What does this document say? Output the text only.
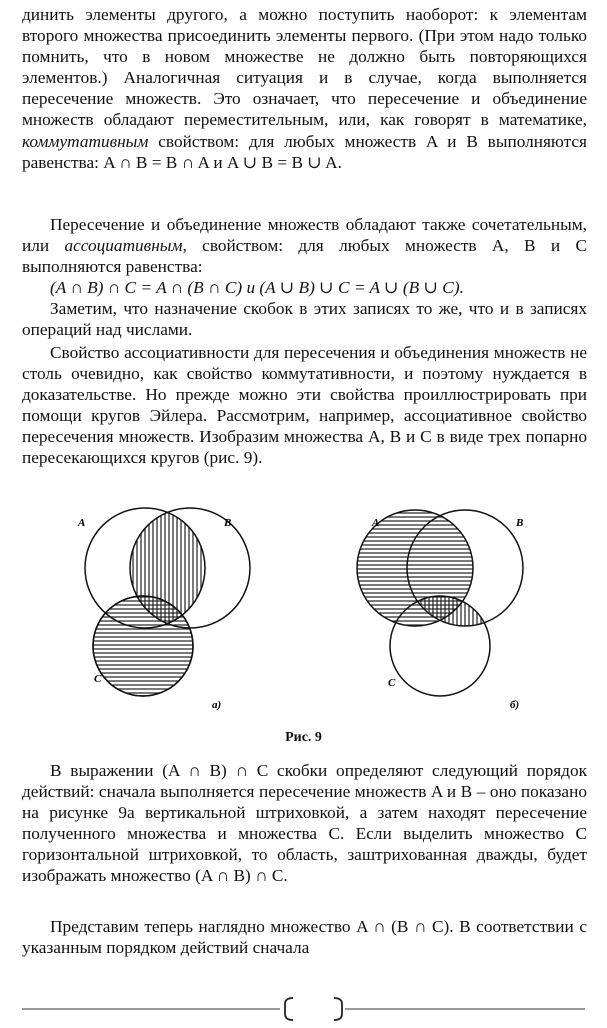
динить элементы другого, а можно поступить наоборот: к элементам второго множества присоединить элементы первого. (При этом надо только помнить, что в новом множестве не должно быть повторяющихся элементов.) Аналогичная ситуация и в случае, когда выполняется пересечение множеств. Это означает, что пересечение и объединение множеств обладают переместительным, или, как говорят в математике, коммутативным свойством: для любых множеств A и B выполняются равенства: A ∩ B = B ∩ A и A ∪ B = B ∪ A.

Пересечение и объединение множеств обладают также сочетательным, или ассоциативным, свойством: для любых множеств A, B и C выполняются равенства:

(A ∩ B) ∩ C = A ∩ (B ∩ C) и (A ∪ B) ∪ C = A ∪ (B ∪ C).

Заметим, что назначение скобок в этих записях то же, что и в записях операций над числами.

Свойство ассоциативности для пересечения и объединения множеств не столь очевидно, как свойство коммутативности, и поэтому нуждается в доказательстве. Но прежде можно эти свойства проиллюстрировать при помощи кругов Эйлера. Рассмотрим, например, ассоциативное свойство пересечения множеств. Изобразим множества A, B и C в виде трех попарно пересекающихся кругов (рис. 9).

A	B
C
а)
A	B
C
б)
Рис. 9

В выражении (A ∩ B) ∩ C скобки определяют следующий порядок действий: сначала выполняется пересечение множеств A и B – оно показано на рисунке 9а вертикальной штриховкой, а затем находят пересечение полученного множества и множества C. Если выделить множество C горизонтальной штриховкой, то область, заштрихованная дважды, будет изображать множество (A ∩ B) ∩ C.

Представим теперь наглядно множество A ∩ (B ∩ C). В соответствии с указанным порядком действий сначала
